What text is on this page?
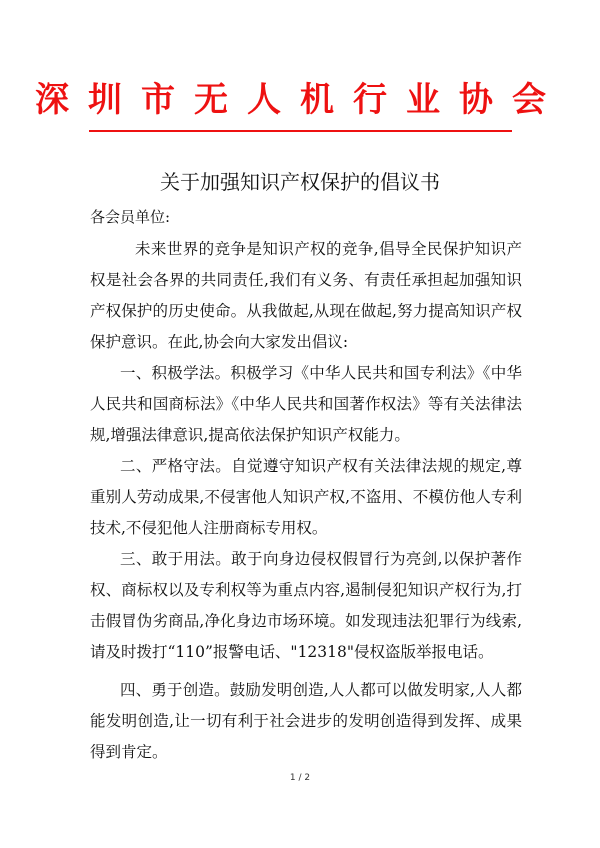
深圳市无人机行业协会
关于加强知识产权保护的倡议书
各会员单位:

未来世界的竞争是知识产权的竞争,倡导全民保护知识产权是社会各界的共同责任,我们有义务、有责任承担起加强知识产权保护的历史使命。从我做起,从现在做起,努力提高知识产权保护意识。在此,协会向大家发出倡议:

一、积极学法。积极学习《中华人民共和国专利法》《中华人民共和国商标法》《中华人民共和国著作权法》等有关法律法规,增强法律意识,提高依法保护知识产权能力。

二、严格守法。自觉遵守知识产权有关法律法规的规定,尊重别人劳动成果,不侵害他人知识产权,不盗用、不模仿他人专利技术,不侵犯他人注册商标专用权。

三、敢于用法。敢于向身边侵权假冒行为亮剑,以保护著作权、商标权以及专利权等为重点内容,遏制侵犯知识产权行为,打击假冒伪劣商品,净化身边市场环境。如发现违法犯罪行为线索,请及时拨打“110”报警电话、"12318"侵权盗版举报电话。

四、勇于创造。鼓励发明创造,人人都可以做发明家,人人都能发明创造,让一切有利于社会进步的发明创造得到发挥、成果得到肯定。

1 / 2
